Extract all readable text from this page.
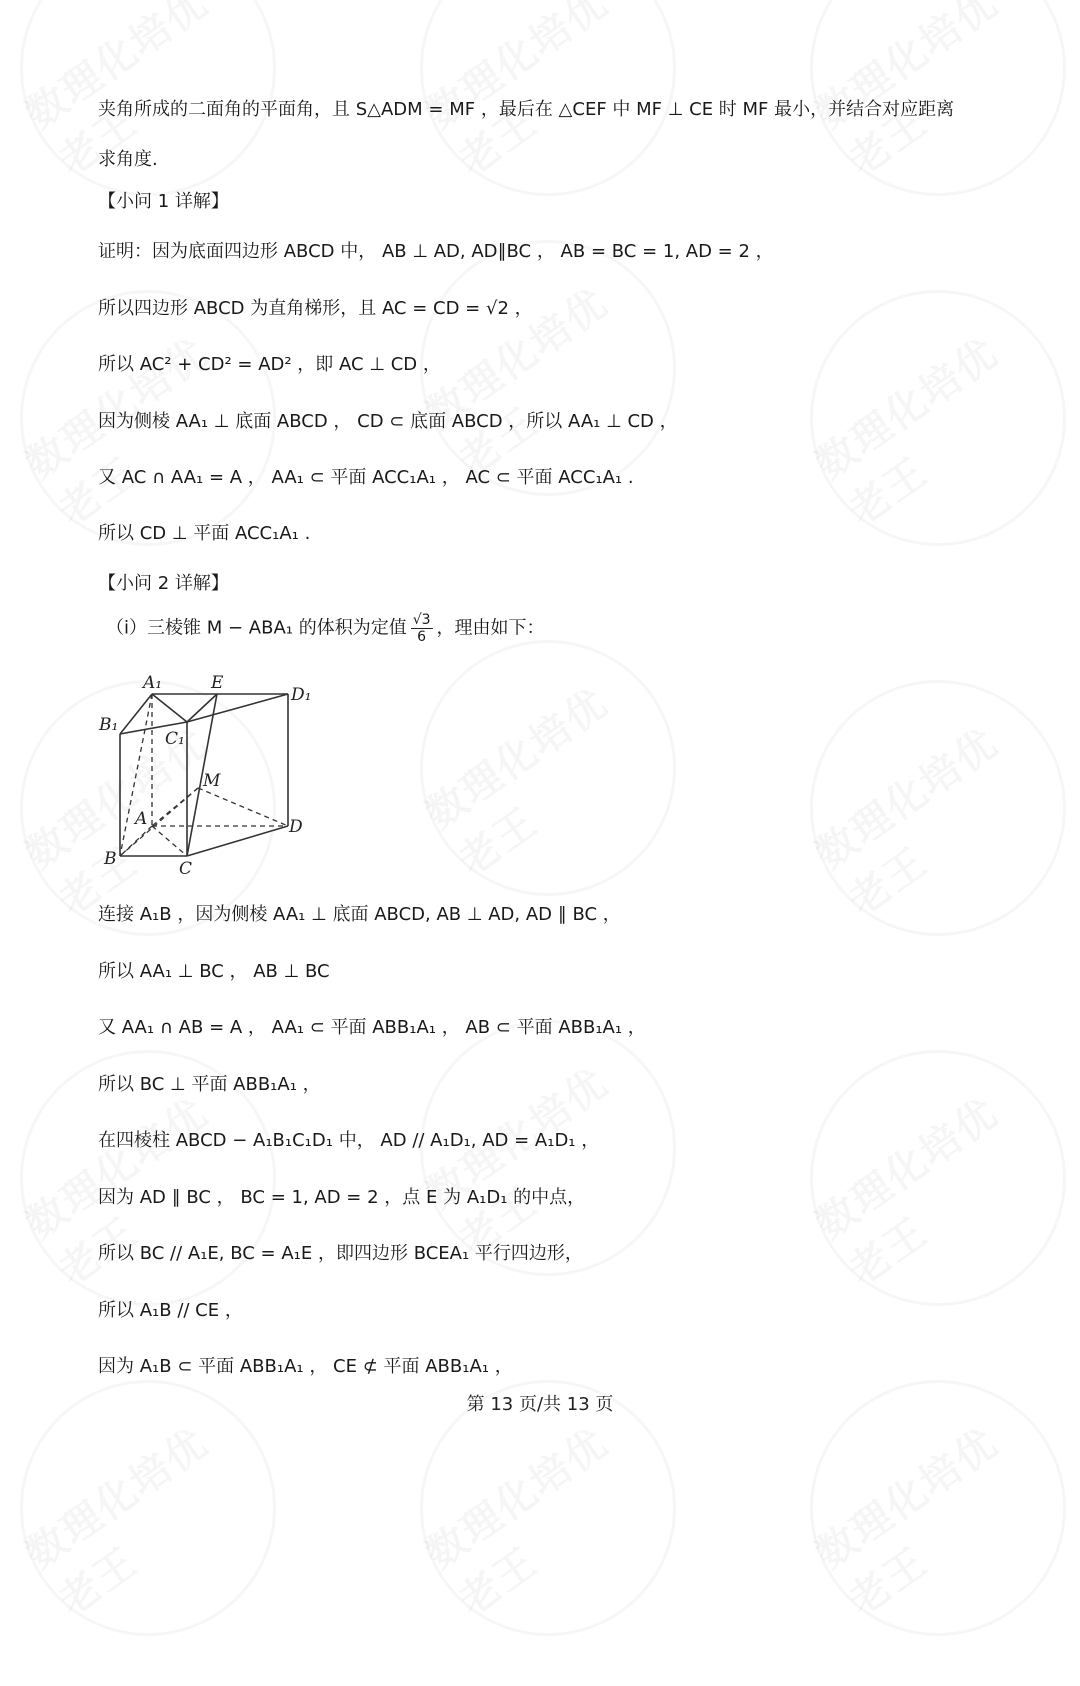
夹角所成的二面角的平面角，且 S△ADM = MF ，最后在 △CEF 中 MF ⊥ CE 时 MF 最小，并结合对应距离
求角度.
【小问 1 详解】
证明：因为底面四边形 ABCD 中， AB ⊥ AD, AD∥BC ， AB = BC = 1, AD = 2 ，
所以四边形 ABCD 为直角梯形，且 AC = CD = √2 ，
所以 AC² + CD² = AD² ，即 AC ⊥ CD ，
因为侧棱 AA₁ ⊥ 底面 ABCD ， CD ⊂ 底面 ABCD ，所以 AA₁ ⊥ CD ，
又 AC ∩ AA₁ = A ， AA₁ ⊂ 平面 ACC₁A₁ ， AC ⊂ 平面 ACC₁A₁ .
所以 CD ⊥ 平面 ACC₁A₁ .
【小问 2 详解】
（i）三棱锥 M − ABA₁ 的体积为定值 $\frac{√3}{6}$ ，理由如下：
A₁	E
D₁
B₁
C₁
M
A	D
B	C
连接 A₁B ，因为侧棱 AA₁ ⊥ 底面 ABCD, AB ⊥ AD, AD ∥ BC ，
所以 AA₁ ⊥ BC ， AB ⊥ BC
又 AA₁ ∩ AB = A ， AA₁ ⊂ 平面 ABB₁A₁ ， AB ⊂ 平面 ABB₁A₁ ，
所以 BC ⊥ 平面 ABB₁A₁ ，
在四棱柱 ABCD − A₁B₁C₁D₁ 中， AD // A₁D₁, AD = A₁D₁ ，
因为 AD ∥ BC ， BC = 1, AD = 2 ，点 E 为 A₁D₁ 的中点，
所以 BC // A₁E, BC = A₁E ，即四边形 BCEA₁ 平行四边形，
所以 A₁B // CE ，
因为 A₁B ⊂ 平面 ABB₁A₁ ， CE ⊄ 平面 ABB₁A₁ ，
第 13 页/共 13 页
